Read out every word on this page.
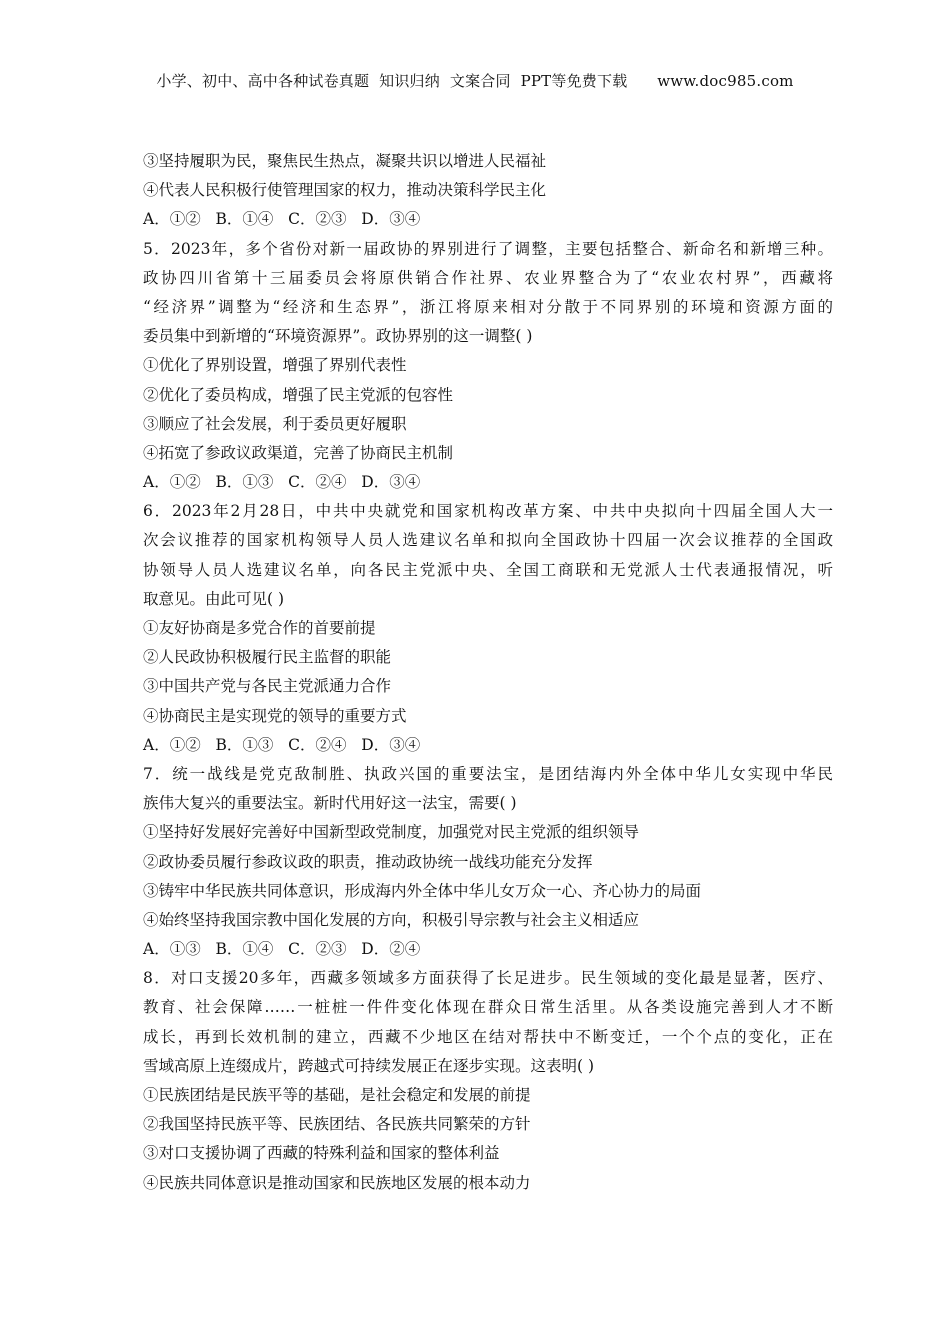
小学、初中、高中各种试卷真题  知识归纳  文案合同  PPT等免费下载      www.doc985.com
③坚持履职为民，聚焦民生热点，凝聚共识以增进人民福祉
④代表人民积极行使管理国家的权力，推动决策科学民主化
A．①②   B．①④   C．②③   D．③④
5．2023年，多个省份对新一届政协的界别进行了调整，主要包括整合、新命名和新增三种。
政协四川省第十三届委员会将原供销合作社界、农业界整合为了“农业农村界”，西藏将
“经济界”调整为“经济和生态界”，浙江将原来相对分散于不同界别的环境和资源方面的
委员集中到新增的“环境资源界”。政协界别的这一调整( )
①优化了界别设置，增强了界别代表性
②优化了委员构成，增强了民主党派的包容性
③顺应了社会发展，利于委员更好履职
④拓宽了参政议政渠道，完善了协商民主机制
A．①②   B．①③   C．②④   D．③④
6．2023年2月28日，中共中央就党和国家机构改革方案、中共中央拟向十四届全国人大一
次会议推荐的国家机构领导人员人选建议名单和拟向全国政协十四届一次会议推荐的全国政
协领导人员人选建议名单，向各民主党派中央、全国工商联和无党派人士代表通报情况，听
取意见。由此可见( )
①友好协商是多党合作的首要前提
②人民政协积极履行民主监督的职能
③中国共产党与各民主党派通力合作
④协商民主是实现党的领导的重要方式
A．①②   B．①③   C．②④   D．③④
7．统一战线是党克敌制胜、执政兴国的重要法宝，是团结海内外全体中华儿女实现中华民
族伟大复兴的重要法宝。新时代用好这一法宝，需要( )
①坚持好发展好完善好中国新型政党制度，加强党对民主党派的组织领导
②政协委员履行参政议政的职责，推动政协统一战线功能充分发挥
③铸牢中华民族共同体意识，形成海内外全体中华儿女万众一心、齐心协力的局面
④始终坚持我国宗教中国化发展的方向，积极引导宗教与社会主义相适应
A．①③   B．①④   C．②③   D．②④
8．对口支援20多年，西藏多领域多方面获得了长足进步。民生领域的变化最是显著，医疗、
教育、社会保障……一桩桩一件件变化体现在群众日常生活里。从各类设施完善到人才不断
成长，再到长效机制的建立，西藏不少地区在结对帮扶中不断变迁，一个个点的变化，正在
雪域高原上连缀成片，跨越式可持续发展正在逐步实现。这表明( )
①民族团结是民族平等的基础，是社会稳定和发展的前提
②我国坚持民族平等、民族团结、各民族共同繁荣的方针
③对口支援协调了西藏的特殊利益和国家的整体利益
④民族共同体意识是推动国家和民族地区发展的根本动力
